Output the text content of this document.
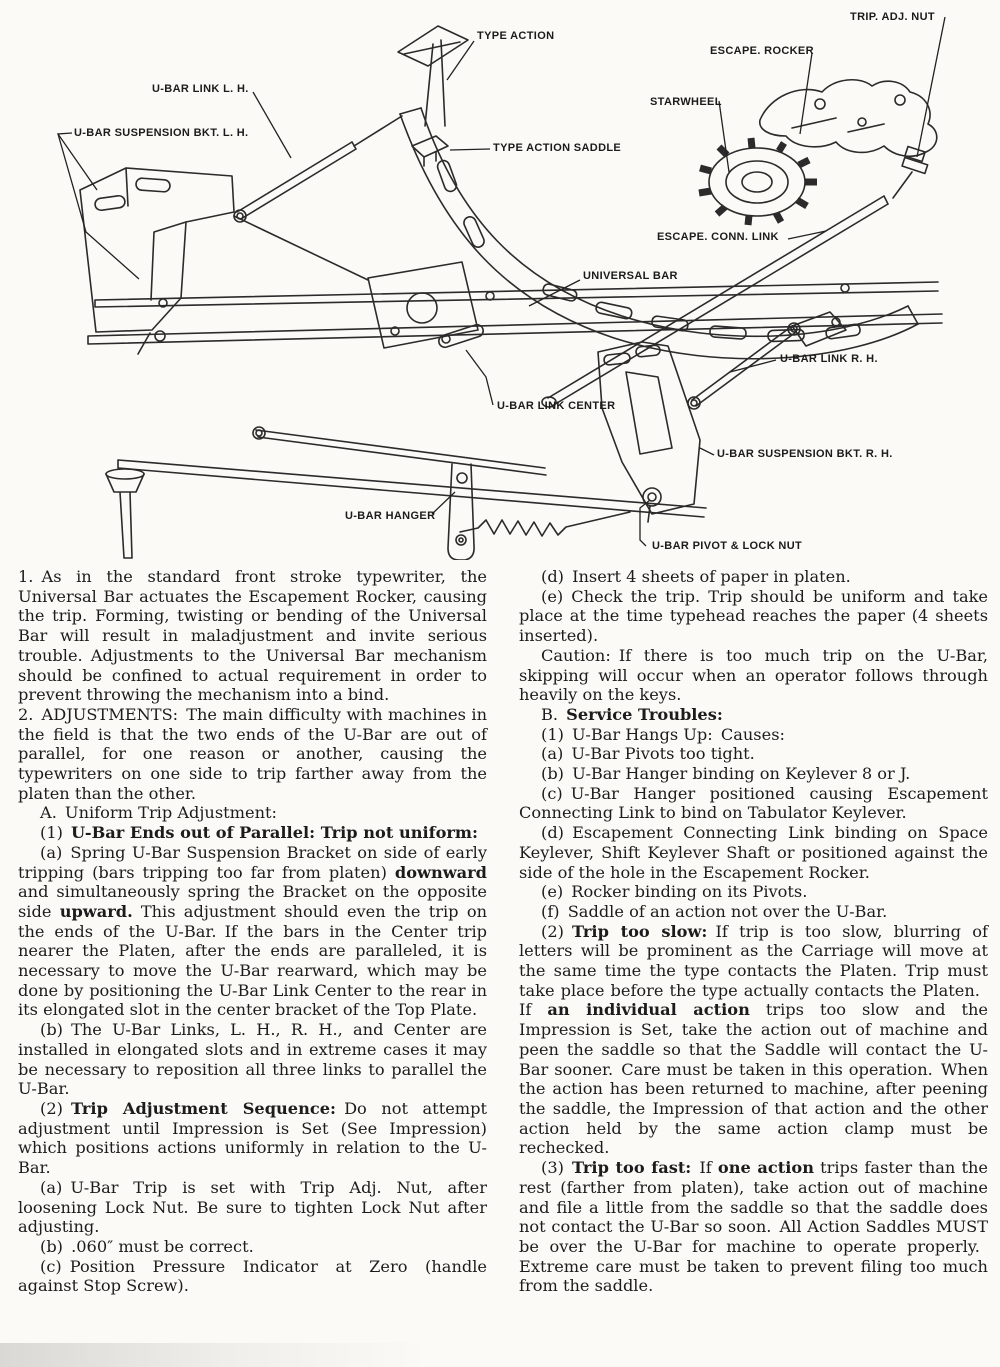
TYPE ACTION
TRIP. ADJ. NUT
ESCAPE. ROCKER
STARWHEEL
U-BAR LINK L. H.
U-BAR SUSPENSION BKT. L. H.
TYPE ACTION SADDLE
ESCAPE. CONN. LINK
UNIVERSAL BAR
U-BAR LINK R. H.
U-BAR LINK CENTER
U-BAR SUSPENSION BKT. R. H.
U-BAR HANGER
U-BAR PIVOT & LOCK NUT

1. As in the standard front stroke typewriter, the Universal Bar actuates the Escapement Rocker, causing the trip. Forming, twisting or bending of the Universal Bar will result in maladjustment and invite serious trouble. Adjustments to the Universal Bar mechanism should be confined to actual requirement in order to prevent throwing the mechanism into a bind.

2. ADJUSTMENTS: The main difficulty with machines in the field is that the two ends of the U-Bar are out of parallel, for one reason or another, causing the typewriters on one side to trip farther away from the platen than the other.

A. Uniform Trip Adjustment:

(1) U-Bar Ends out of Parallel: Trip not uniform:

(a) Spring U-Bar Suspension Bracket on side of early tripping (bars tripping too far from platen) downward and simultaneously spring the Bracket on the opposite side upward. This adjustment should even the trip on the ends of the U-Bar. If the bars in the Center trip nearer the Platen, after the ends are paralleled, it is necessary to move the U-Bar rearward, which may be done by positioning the U-Bar Link Center to the rear in its elongated slot in the center bracket of the Top Plate.

(b) The U-Bar Links, L. H., R. H., and Center are installed in elongated slots and in extreme cases it may be necessary to reposition all three links to parallel the U-Bar.

(2) Trip Adjustment Sequence: Do not attempt adjustment until Impression is Set (See Impression) which positions actions uniformly in relation to the U-Bar.

(a) U-Bar Trip is set with Trip Adj. Nut, after loosening Lock Nut. Be sure to tighten Lock Nut after adjusting.

(b) .060″ must be correct.

(c) Position Pressure Indicator at Zero (handle against Stop Screw).

(d) Insert 4 sheets of paper in platen.

(e) Check the trip. Trip should be uniform and take place at the time typehead reaches the paper (4 sheets inserted).

Caution: If there is too much trip on the U-Bar, skipping will occur when an operator follows through heavily on the keys.

B. Service Troubles:

(1) U-Bar Hangs Up: Causes:

(a) U-Bar Pivots too tight.

(b) U-Bar Hanger binding on Keylever 8 or J.

(c) U-Bar Hanger positioned causing Escapement Connecting Link to bind on Tabulator Keylever.

(d) Escapement Connecting Link binding on Space Keylever, Shift Keylever Shaft or positioned against the side of the hole in the Escapement Rocker.

(e) Rocker binding on its Pivots.

(f) Saddle of an action not over the U-Bar.

(2) Trip too slow: If trip is too slow, blurring of letters will be prominent as the Carriage will move at the same time the type contacts the Platen. Trip must take place before the type actually contacts the Platen. If an individual action trips too slow and the Impression is Set, take the action out of machine and peen the saddle so that the Saddle will contact the U-Bar sooner. Care must be taken in this operation. When the action has been returned to machine, after peening the saddle, the Impression of that action and the other action held by the same action clamp must be rechecked.

(3) Trip too fast: If one action trips faster than the rest (farther from platen), take action out of machine and file a little from the saddle so that the saddle does not contact the U-Bar so soon. All Action Saddles MUST be over the U-Bar for machine to operate properly. Extreme care must be taken to prevent filing too much from the saddle.
